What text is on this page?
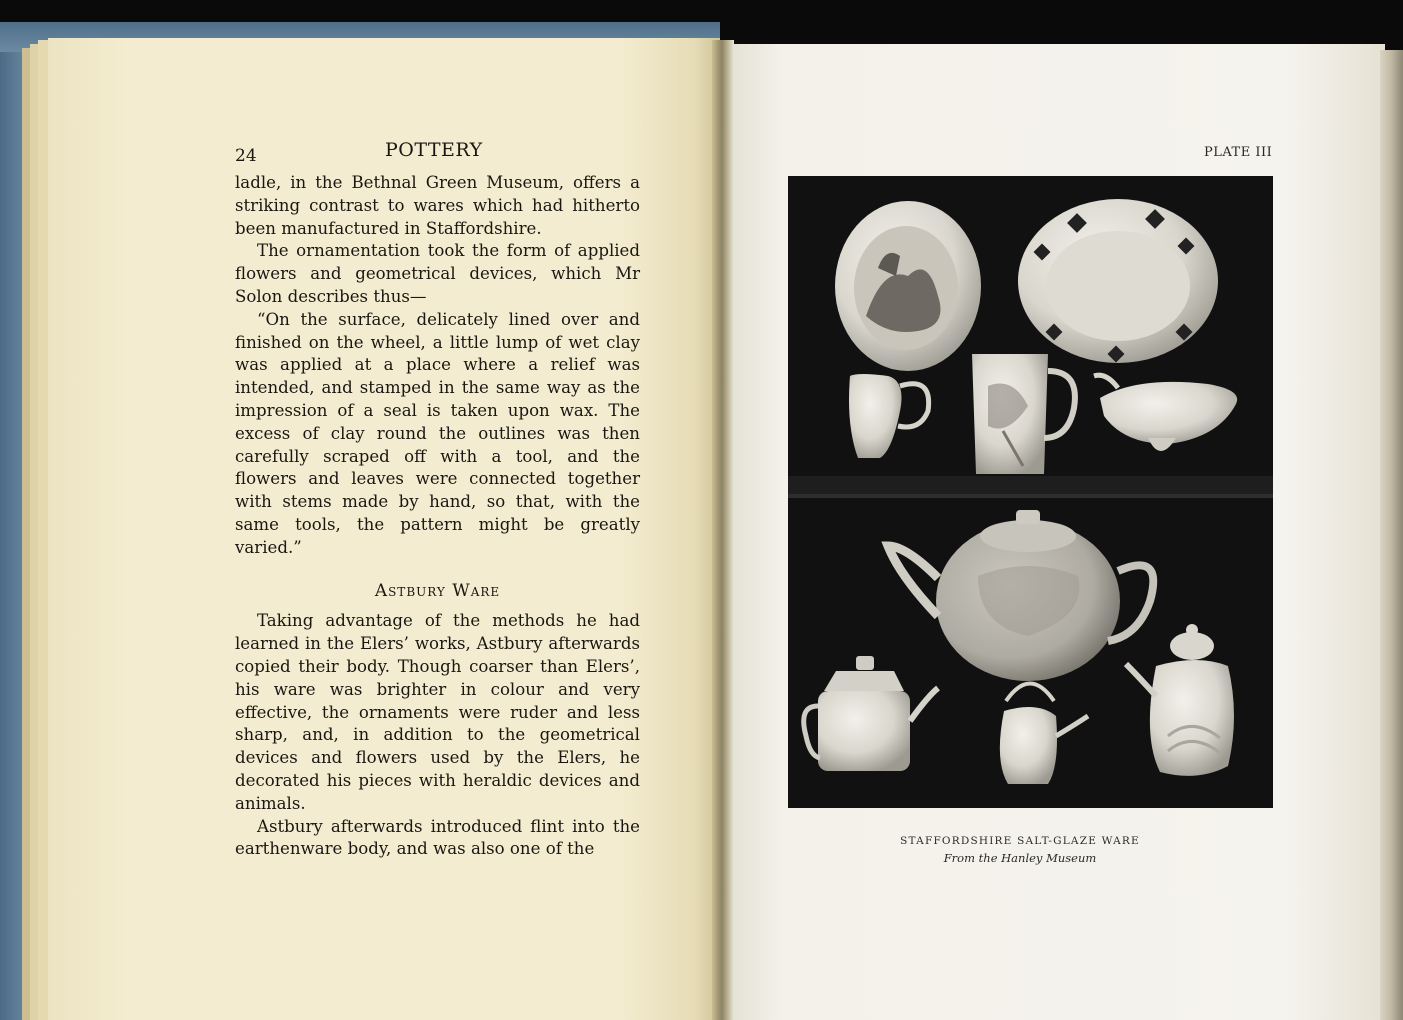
24	POTTERY

ladle, in the Bethnal Green Museum, offers a striking contrast to wares which had hitherto been manufactured in Staffordshire.

The ornamentation took the form of applied flowers and geometrical devices, which Mr Solon describes thus—

“On the surface, delicately lined over and finished on the wheel, a little lump of wet clay was applied at a place where a relief was intended, and stamped in the same way as the impression of a seal is taken upon wax. The excess of clay round the outlines was then carefully scraped off with a tool, and the flowers and leaves were connected together with stems made by hand, so that, with the same tools, the pattern might be greatly varied.”

Astbury Ware

Taking advantage of the methods he had learned in the Elers’ works, Astbury afterwards copied their body. Though coarser than Elers’, his ware was brighter in colour and very effective, the ornaments were ruder and less sharp, and, in addition to the geometrical devices and flowers used by the Elers, he decorated his pieces with heraldic devices and animals.

Astbury afterwards introduced flint into the earthenware body, and was also one of the

PLATE III
STAFFORDSHIRE SALT-GLAZE WARE
From the Hanley Museum
